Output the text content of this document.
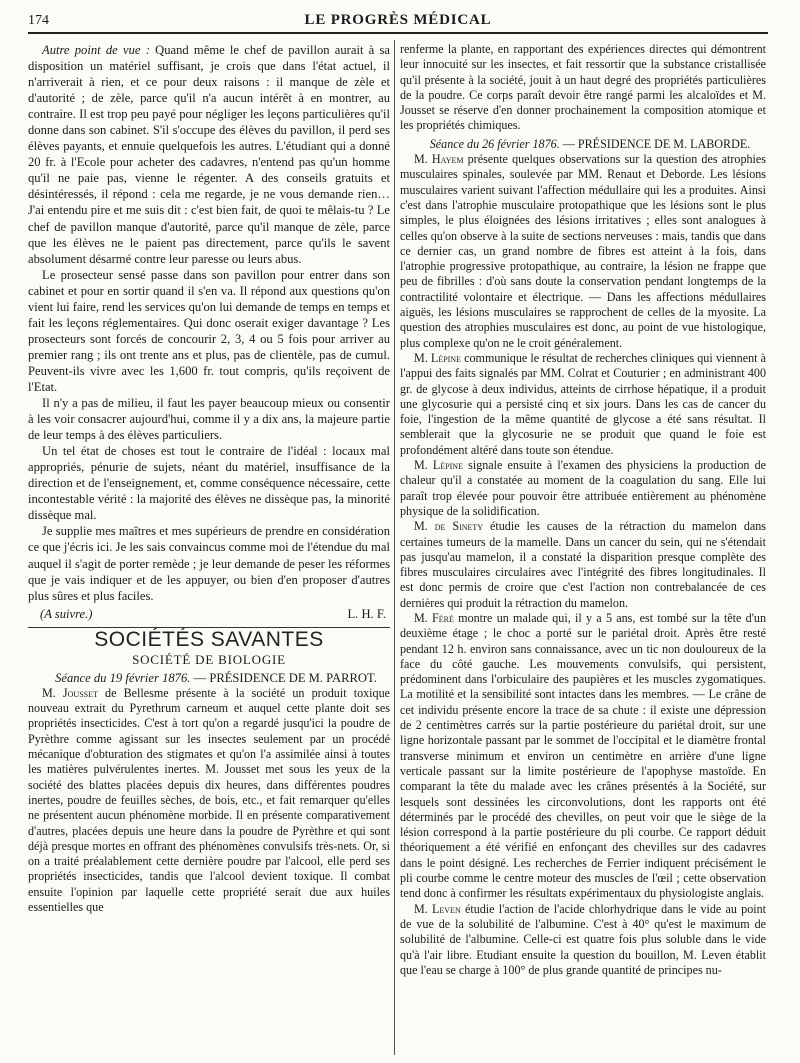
174	LE PROGRÈS MÉDICAL

Autre point de vue : Quand même le chef de pavillon aurait à sa disposition un matériel suffisant, je crois que dans l'état actuel, il n'arriverait à rien, et ce pour deux raisons : il manque de zèle et d'autorité ; de zèle, parce qu'il n'a aucun intérêt à en montrer, au contraire. Il est trop peu payé pour négliger les leçons particulières qu'il donne dans son cabinet. S'il s'occupe des élèves du pavillon, il perd ses élèves payants, et ennuie quelquefois les autres. L'étudiant qui a donné 20 fr. à l'Ecole pour acheter des cadavres, n'entend pas qu'un homme qu'il ne paie pas, vienne le régenter. A des conseils gratuits et désintéressés, il répond : cela me regarde, je ne vous demande rien… J'ai entendu pire et me suis dit : c'est bien fait, de quoi te mêlais-tu ? Le chef de pavillon manque d'autorité, parce qu'il manque de zèle, parce que les élèves ne le paient pas directement, parce qu'ils le savent absolument désarmé contre leur paresse ou leurs abus.

Le prosecteur sensé passe dans son pavillon pour entrer dans son cabinet et pour en sortir quand il s'en va. Il répond aux questions qu'on vient lui faire, rend les services qu'on lui demande de temps en temps et fait les leçons réglementaires. Qui donc oserait exiger davantage ? Les prosecteurs sont forcés de concourir 2, 3, 4 ou 5 fois pour arriver au premier rang ; ils ont trente ans et plus, pas de clientèle, pas de cumul. Peuvent-ils vivre avec les 1,600 fr. tout compris, qu'ils reçoivent de l'Etat.

Il n'y a pas de milieu, il faut les payer beaucoup mieux ou consentir à les voir consacrer aujourd'hui, comme il y a dix ans, la majeure partie de leur temps à des élèves particuliers.

Un tel état de choses est tout le contraire de l'idéal : locaux mal appropriés, pénurie de sujets, néant du matériel, insuffisance de la direction et de l'enseignement, et, comme conséquence nécessaire, cette incontestable vérité : la majorité des élèves ne dissèque pas, la minorité dissèque mal.

Je supplie mes maîtres et mes supérieurs de prendre en considération ce que j'écris ici. Je les sais convaincus comme moi de l'étendue du mal auquel il s'agit de porter remède ; je leur demande de peser les réformes que je vais indiquer et de les appuyer, ou bien d'en proposer d'autres plus sûres et plus faciles.

(A suivre.)	L. H. F.
SOCIÉTÉS SAVANTES
SOCIÉTÉ DE BIOLOGIE

Séance du 19 février 1876. — PRÉSIDENCE DE M. PARROT.

M. Jousset de Bellesme présente à la société un produit toxique nouveau extrait du Pyrethrum carneum et auquel cette plante doit ses propriétés insecticides. C'est à tort qu'on a regardé jusqu'ici la poudre de Pyrèthre comme agissant sur les insectes seulement par un procédé mécanique d'obturation des stigmates et qu'on l'a assimilée ainsi à toutes les matières pulvérulentes inertes. M. Jousset met sous les yeux de la société des blattes placées depuis dix heures, dans différentes poudres inertes, poudre de feuilles sèches, de bois, etc., et fait remarquer qu'elles ne présentent aucun phénomène morbide. Il en présente comparativement d'autres, placées depuis une heure dans la poudre de Pyrèthre et qui sont déjà presque mortes en offrant des phénomènes convulsifs très-nets. Or, si on a traité préalablement cette dernière poudre par l'alcool, elle perd ses propriétés insecticides, tandis que l'alcool devient toxique. Il combat ensuite l'opinion par laquelle cette propriété serait due aux huiles essentielles que

renferme la plante, en rapportant des expériences directes qui démontrent leur innocuité sur les insectes, et fait ressortir que la substance cristallisée qu'il présente à la société, jouit à un haut degré des propriétés particulières de la poudre. Ce corps paraît devoir être rangé parmi les alcaloïdes et M. Jousset se réserve d'en donner prochainement la composition atomique et les propriétés chimiques.

Séance du 26 février 1876. — PRÉSIDENCE DE M. LABORDE.

M. Hayem présente quelques observations sur la question des atrophies musculaires spinales, soulevée par MM. Renaut et Deborde. Les lésions musculaires varient suivant l'affection médullaire qui les a produites. Ainsi c'est dans l'atrophie musculaire protopathique que les lésions sont le plus simples, le plus éloignées des lésions irritatives ; elles sont analogues à celles qu'on observe à la suite de sections nerveuses : mais, tandis que dans ce dernier cas, un grand nombre de fibres est atteint à la fois, dans l'atrophie progressive protopathique, au contraire, la lésion ne frappe que peu de fibrilles : d'où sans doute la conservation pendant longtemps de la contractilité volontaire et électrique. — Dans les affections médullaires aiguës, les lésions musculaires se rapprochent de celles de la myosite. La question des atrophies musculaires est donc, au point de vue histologique, plus complexe qu'on ne le croit généralement.

M. Lépine communique le résultat de recherches cliniques qui viennent à l'appui des faits signalés par MM. Colrat et Couturier ; en administrant 400 gr. de glycose à deux individus, atteints de cirrhose hépatique, il a produit une glycosurie qui a persisté cinq et six jours. Dans les cas de cancer du foie, l'ingestion de la même quantité de glycose a été sans résultat. Il semblerait que la glycosurie ne se produit que quand le foie est profondément altéré dans toute son étendue.

M. Lépine signale ensuite à l'examen des physiciens la production de chaleur qu'il a constatée au moment de la coagulation du sang. Elle lui paraît trop élevée pour pouvoir être attribuée entièrement au phénomène physique de la solidification.

M. de Sinety étudie les causes de la rétraction du mamelon dans certaines tumeurs de la mamelle. Dans un cancer du sein, qui ne s'étendait pas jusqu'au mamelon, il a constaté la disparition presque complète des fibres musculaires circulaires avec l'intégrité des fibres longitudinales. Il est donc permis de croire que c'est l'action non contrebalancée de ces dernières qui produit la rétraction du mamelon.

M. Féré montre un malade qui, il y a 5 ans, est tombé sur la tête d'un deuxième étage ; le choc a porté sur le pariétal droit. Après être resté pendant 12 h. environ sans connaissance, avec un tic non douloureux de la face du côté gauche. Les mouvements convulsifs, qui persistent, prédominent dans l'orbiculaire des paupières et les muscles zygomatiques. La motilité et la sensibilité sont intactes dans les membres. — Le crâne de cet individu présente encore la trace de sa chute : il existe une dépression de 2 centimètres carrés sur la partie postérieure du pariétal droit, sur une ligne horizontale passant par le sommet de l'occipital et le diamètre frontal transverse minimum et environ un centimètre en arrière d'une ligne verticale passant sur la limite postérieure de l'apophyse mastoïde. En comparant la tête du malade avec les crânes présentés à la Société, sur lesquels sont dessinées les circonvolutions, dont les rapports ont été déterminés par le procédé des chevilles, on peut voir que le siège de la lésion correspond à la partie postérieure du pli courbe. Ce rapport déduit théoriquement a été vérifié en enfonçant des chevilles sur des cadavres dans le point désigné. Les recherches de Ferrier indiquent précisément le pli courbe comme le centre moteur des muscles de l'œil ; cette observation tend donc à confirmer les résultats expérimentaux du physiologiste anglais.

M. Leven étudie l'action de l'acide chlorhydrique dans le vide au point de vue de la solubilité de l'albumine. C'est à 40° qu'est le maximum de solubilité de l'albumine. Celle-ci est quatre fois plus soluble dans le vide qu'à l'air libre. Etudiant ensuite la question du bouillon, M. Leven établit que l'eau se charge à 100° de plus grande quantité de principes nu-
